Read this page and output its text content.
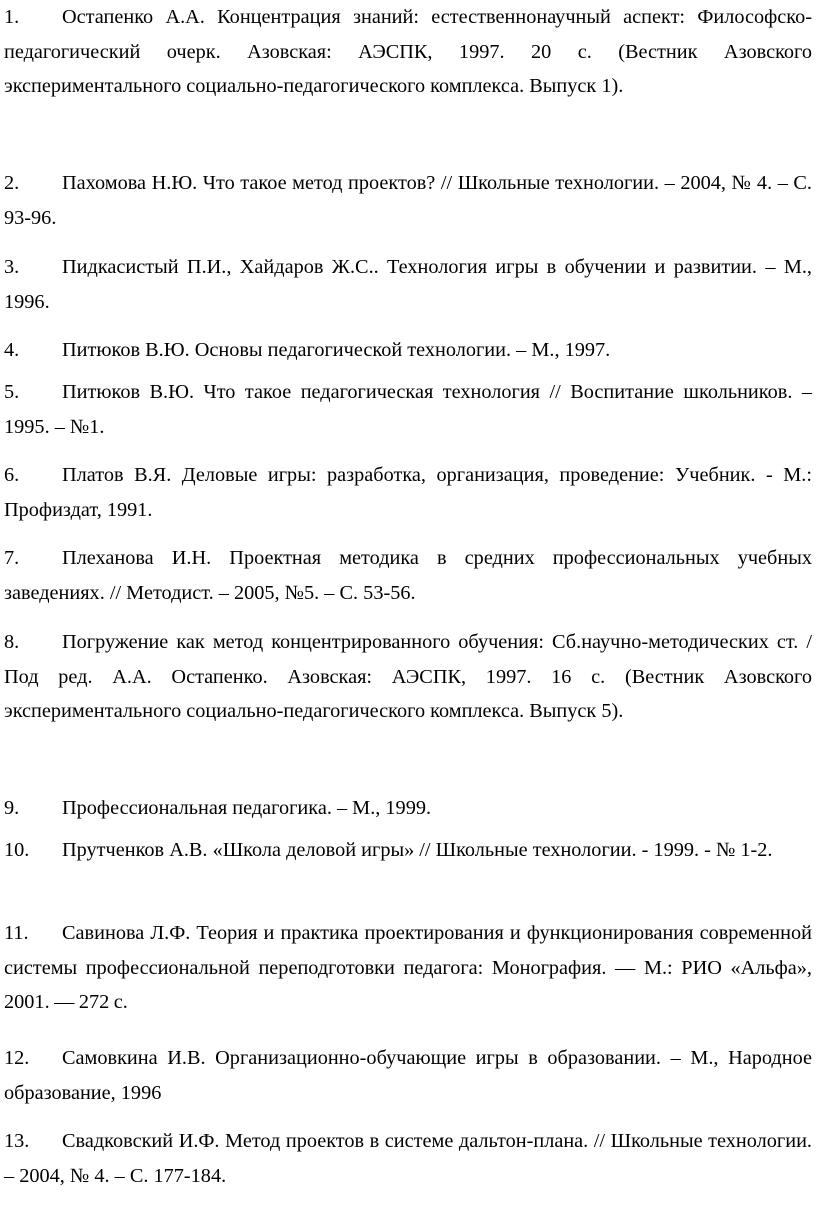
1. Остапенко А.А. Концентрация знаний: естественнонаучный аспект: Философско-педагогический очерк. Азовская: АЭСПК, 1997. 20 с. (Вестник Азовского экспериментального социально-педагогического комплекса. Выпуск 1).
2. Пахомова Н.Ю. Что такое метод проектов? // Школьные технологии. – 2004, № 4. – С. 93-96.
3. Пидкасистый П.И., Хайдаров Ж.С.. Технология игры в обучении и развитии. – М., 1996.
4. Питюков В.Ю. Основы педагогической технологии. – М., 1997.
5. Питюков В.Ю. Что такое педагогическая технология // Воспитание школьников. – 1995. – №1.
6. Платов В.Я. Деловые игры: разработка, организация, проведение: Учебник. - М.: Профиздат, 1991.
7. Плеханова И.Н. Проектная методика в средних профессиональных учебных заведениях. // Методист. – 2005, №5. – С. 53-56.
8. Погружение как метод концентрированного обучения: Сб.научно-методических ст. / Под ред. А.А. Остапенко. Азовская: АЭСПК, 1997. 16 с. (Вестник Азовского экспериментального социально-педагогического комплекса. Выпуск 5).
9. Профессиональная педагогика. – М., 1999.
10. Прутченков А.В. «Школа деловой игры» // Школьные технологии. - 1999. - № 1-2.
11. Савинова Л.Ф. Теория и практика проектирования и функционирования современной системы профессиональной переподготовки педагога: Монография. — М.: РИО «Альфа», 2001. — 272 с.
12. Самовкина И.В. Организационно-обучающие игры в образовании. – М., Народное образование, 1996
13. Свадковский И.Ф. Метод проектов в системе дальтон-плана. // Школьные технологии. – 2004, № 4. – С. 177-184.
